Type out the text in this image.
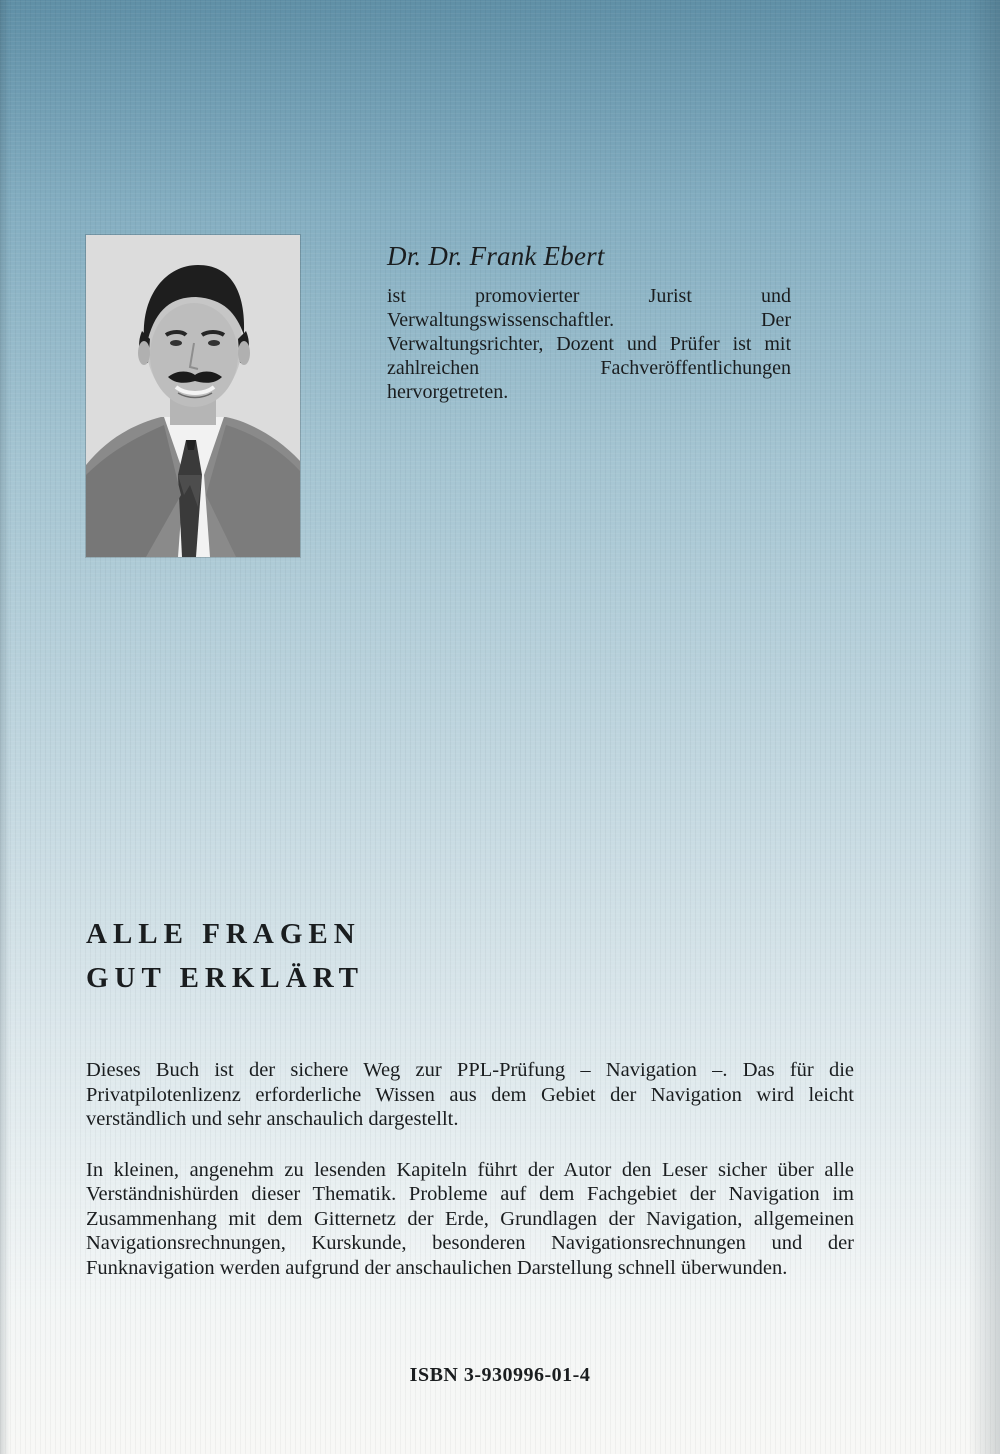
Dr. Dr. Frank Ebert

ist promovierter Jurist und Verwaltungswissenschaftler. Der Verwaltungsrichter, Dozent und Prüfer ist mit zahlreichen Fachveröffentlichungen hervorgetreten.

ALLE FRAGEN
GUT ERKLÄRT

Dieses Buch ist der sichere Weg zur PPL-Prüfung – Navigation –. Das für die Privatpilotenlizenz erforderliche Wissen aus dem Gebiet der Navigation wird leicht verständlich und sehr anschaulich dargestellt.

In kleinen, angenehm zu lesenden Kapiteln führt der Autor den Leser sicher über alle Verständnishürden dieser Thematik. Probleme auf dem Fachgebiet der Navigation im Zusammenhang mit dem Gitternetz der Erde, Grundlagen der Navigation, allgemeinen Navigationsrechnungen, Kurskunde, besonderen Navigationsrechnungen und der Funknavigation werden aufgrund der anschaulichen Darstellung schnell überwunden.

ISBN 3-930996-01-4
